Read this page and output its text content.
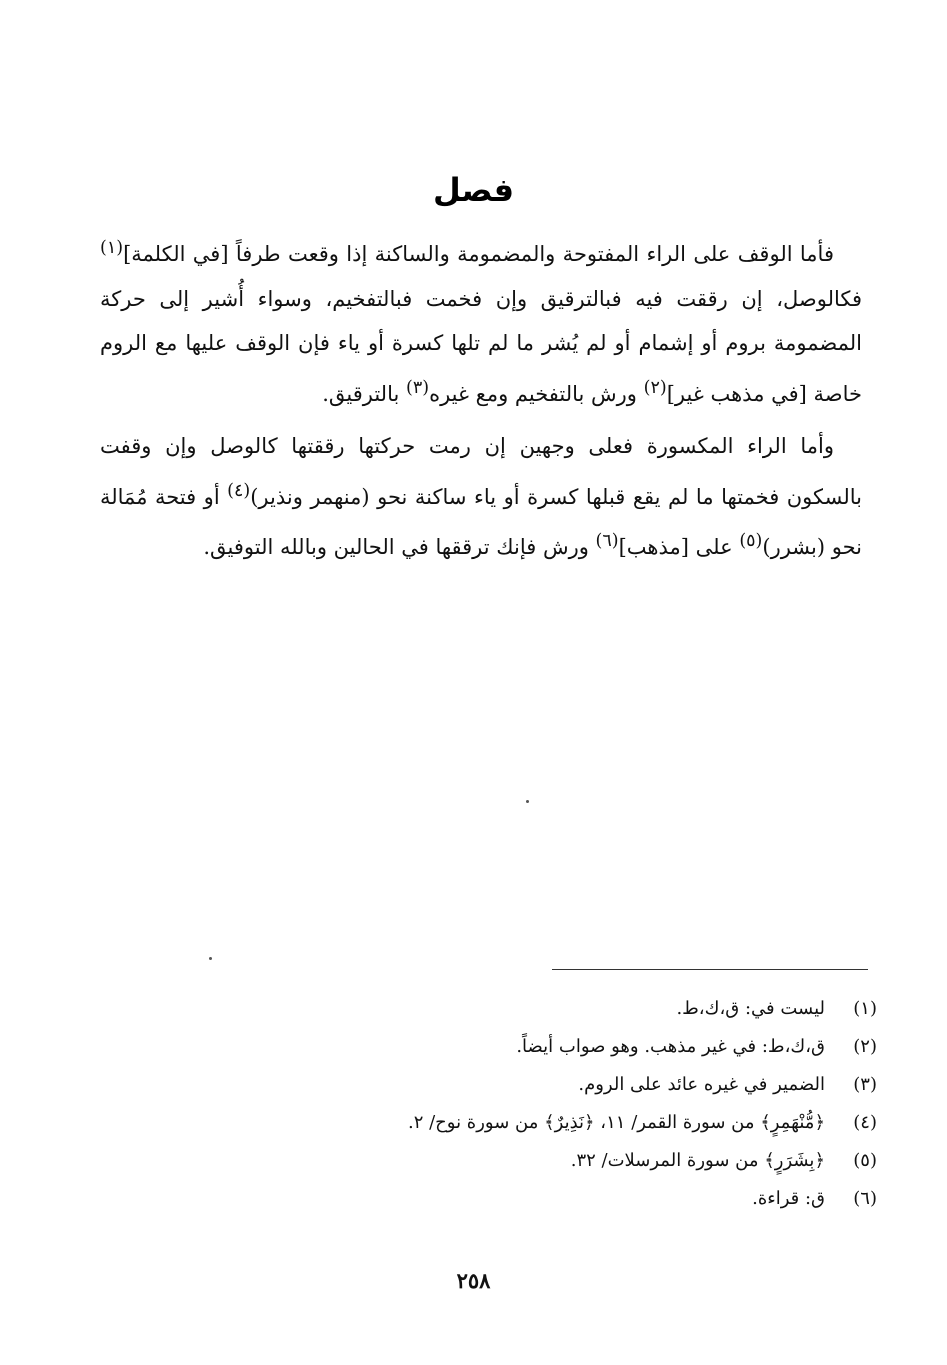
فصل

فأما الوقف على الراء المفتوحة والمضمومة والساكنة إذا وقعت طرفاً [في الكلمة]$^{(١)}$ فكالوصل، إن رققت فيه فبالترقيق وإن فخمت فبالتفخيم، وسواء أُشير إلى حركة المضمومة بروم أو إشمام أو لم يُشر ما لم تلها كسرة أو ياء فإن الوقف عليها مع الروم خاصة [في مذهب غير]$^{(٢)}$ ورش بالتفخيم ومع غيره$^{(٣)}$ بالترقيق.

وأما الراء المكسورة فعلى وجهين إن رمت حركتها رققتها كالوصل وإن وقفت بالسكون فخمتها ما لم يقع قبلها كسرة أو ياء ساكنة نحو (منهمر ونذير)$^{(٤)}$ أو فتحة مُمَالة نحو (بشرر)$^{(٥)}$ على [مذهب]$^{(٦)}$ ورش فإنك ترققها في الحالين وبالله التوفيق.

(١)ليست في: ق،ك،ط.
(٢)ق،ك،ط: في غير مذهب. وهو صواب أيضاً.
(٣)الضمير في غيره عائد على الروم.
(٤)﴿مُّنْهَمِرٍ﴾ من سورة القمر/ ١١، ﴿نَذِيرٌ﴾ من سورة نوح/ ٢.
(٥)﴿بِشَرَرٍ﴾ من سورة المرسلات/ ٣٢.
(٦)ق: قراءة.
٢٥٨
